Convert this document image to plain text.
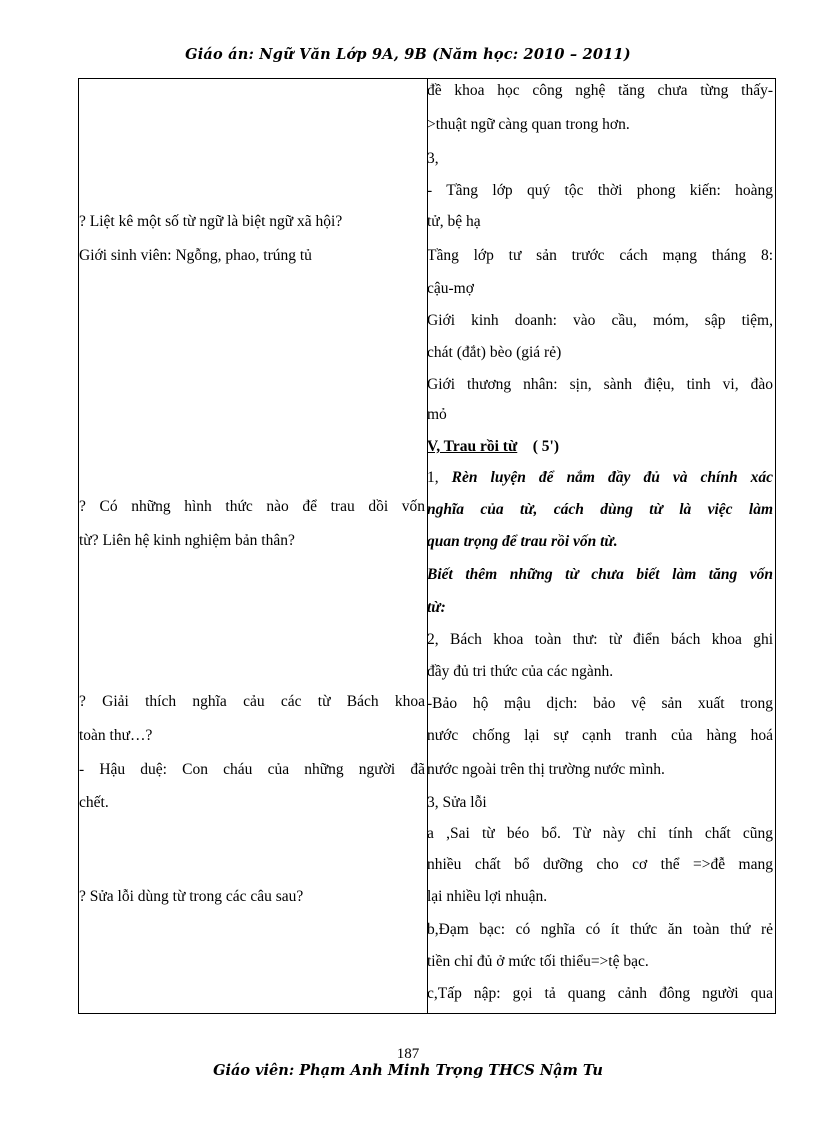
Giáo án: Ngữ Văn Lớp 9A, 9B (Năm học: 2010 – 2011)
? Liệt kê một số từ ngữ là biệt ngữ xã hội?
Giới sinh viên: Ngỗng, phao, trúng tủ
? Có những hình thức nào để trau dồi vốn
từ? Liên hệ kinh nghiệm bản thân?
? Giải thích nghĩa cảu các từ Bách khoa
toàn thư…?
- Hậu duệ: Con cháu của những người đã
chết.
? Sửa lỗi dùng từ trong các câu sau?
đề khoa học công nghệ tăng chưa từng thấy-
>thuật ngữ càng quan trong hơn.
3,
- Tầng lớp quý tộc thời phong kiến: hoàng
tử, bệ hạ
Tầng lớp tư sản trước cách mạng tháng 8:
cậu-mợ
Giới kinh doanh: vào cầu, móm, sập tiệm,
chát (đắt) bèo (giá rẻ)
Giới thương nhân: sịn, sành điệu, tinh vi, đào
mỏ
V, Trau rồi từ ( 5')
1, Rèn luyện để nắm đầy đủ và chính xác
nghĩa của từ, cách dùng từ là việc làm
quan trọng để trau rồi vốn từ.
Biết thêm những từ chưa biết làm tăng vốn
từ:
2, Bách khoa toàn thư: từ điển bách khoa ghi
đầy đủ tri thức của các ngành.
-Bảo hộ mậu dịch: bảo vệ sản xuất trong
nước chống lại sự cạnh tranh của hàng hoá
nước ngoài trên thị trường nước mình.
3, Sửa lỗi
a ,Sai từ béo bổ. Từ này chỉ tính chất cũng
nhiều chất bổ dưỡng cho cơ thể =>đễ mang
lại nhiều lợi nhuận.
b,Đạm bạc: có nghĩa có ít thức ăn toàn thứ rẻ
tiền chỉ đủ ở mức tối thiểu=>tệ bạc.
c,Tấp nập: gọi tả quang cảnh đông người qua
187
Giáo viên: Phạm Anh Minh Trọng THCS Nậm Tu
